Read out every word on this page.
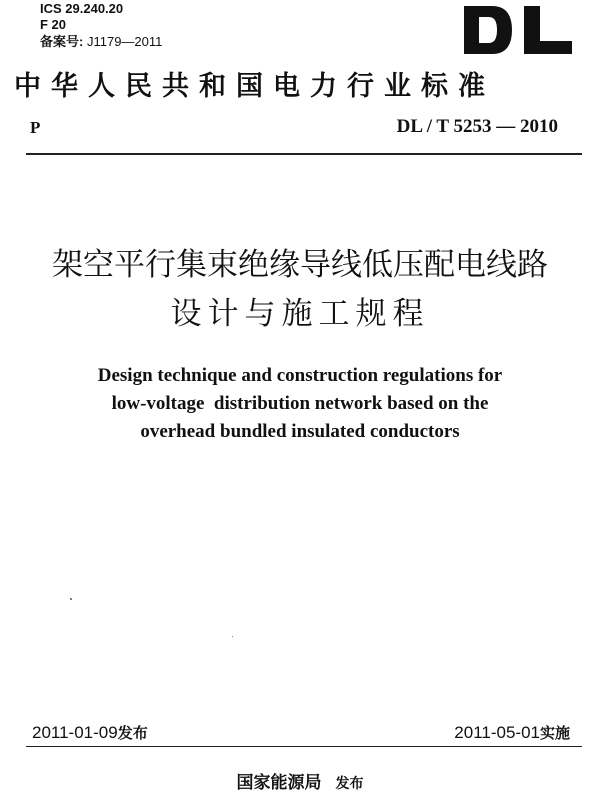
ICS 29.240.20
F 20
备案号: J1179—2011
中华人民共和国电力行业标准
P	DL / T 5253 — 2010
架空平行集束绝缘导线低压配电线路
设计与施工规程
Design technique and construction regulations for
low-voltage  distribution network based on the
overhead bundled insulated conductors
2011-01-09发布	2011-05-01实施
国家能源局 发布
